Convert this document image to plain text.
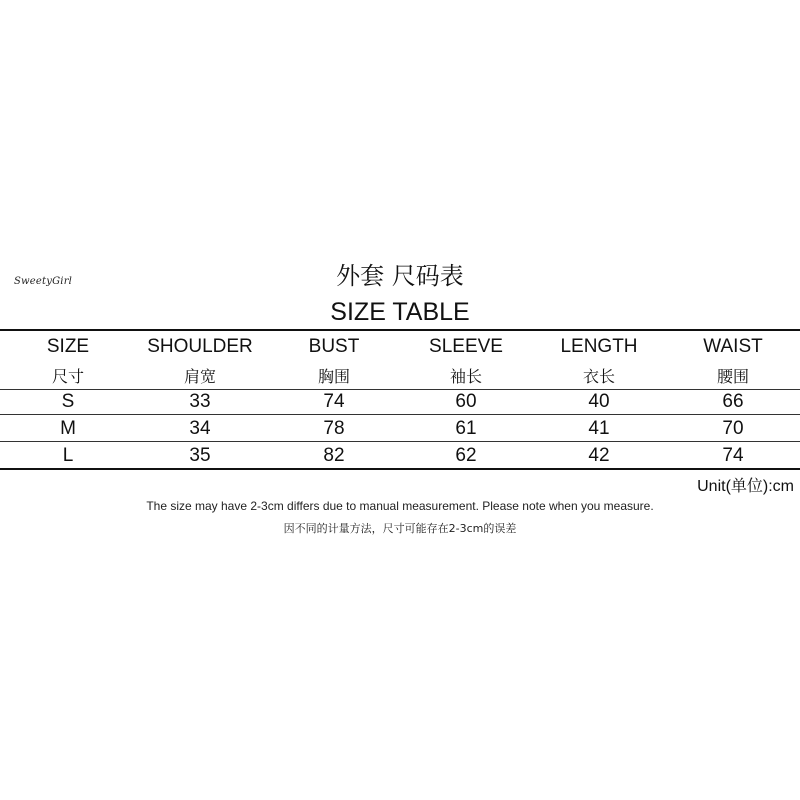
SweetyGirl	外套 尺码表
SIZE TABLE
SIZE	SHOULDER	BUST	SLEEVE	LENGTH	WAIST
尺寸	肩宽	胸围	袖长	衣长	腰围
S	33	74	60	40	66
M	34	78	61	41	70
L	35	82	62	42	74
Unit(单位):cm
The size may have 2-3cm differs due to manual measurement. Please note when you measure.
因不同的计量方法，尺寸可能存在2-3cm的误差
